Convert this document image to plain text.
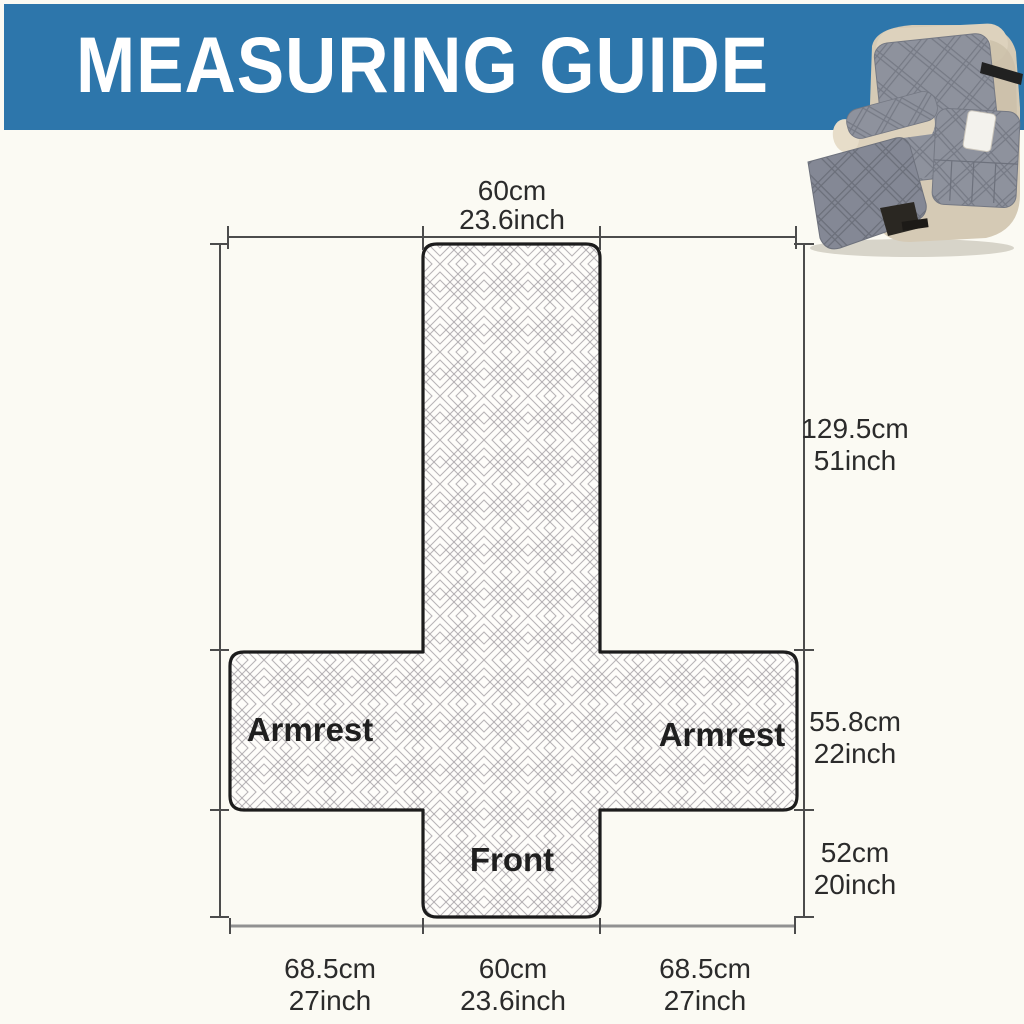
MEASURING GUIDE
Armrest	Armrest
Front
60cm
23.6inch
129.5cm
51inch
55.8cm
22inch
52cm
20inch
68.5cm
27inch
60cm
23.6inch
68.5cm
27inch
